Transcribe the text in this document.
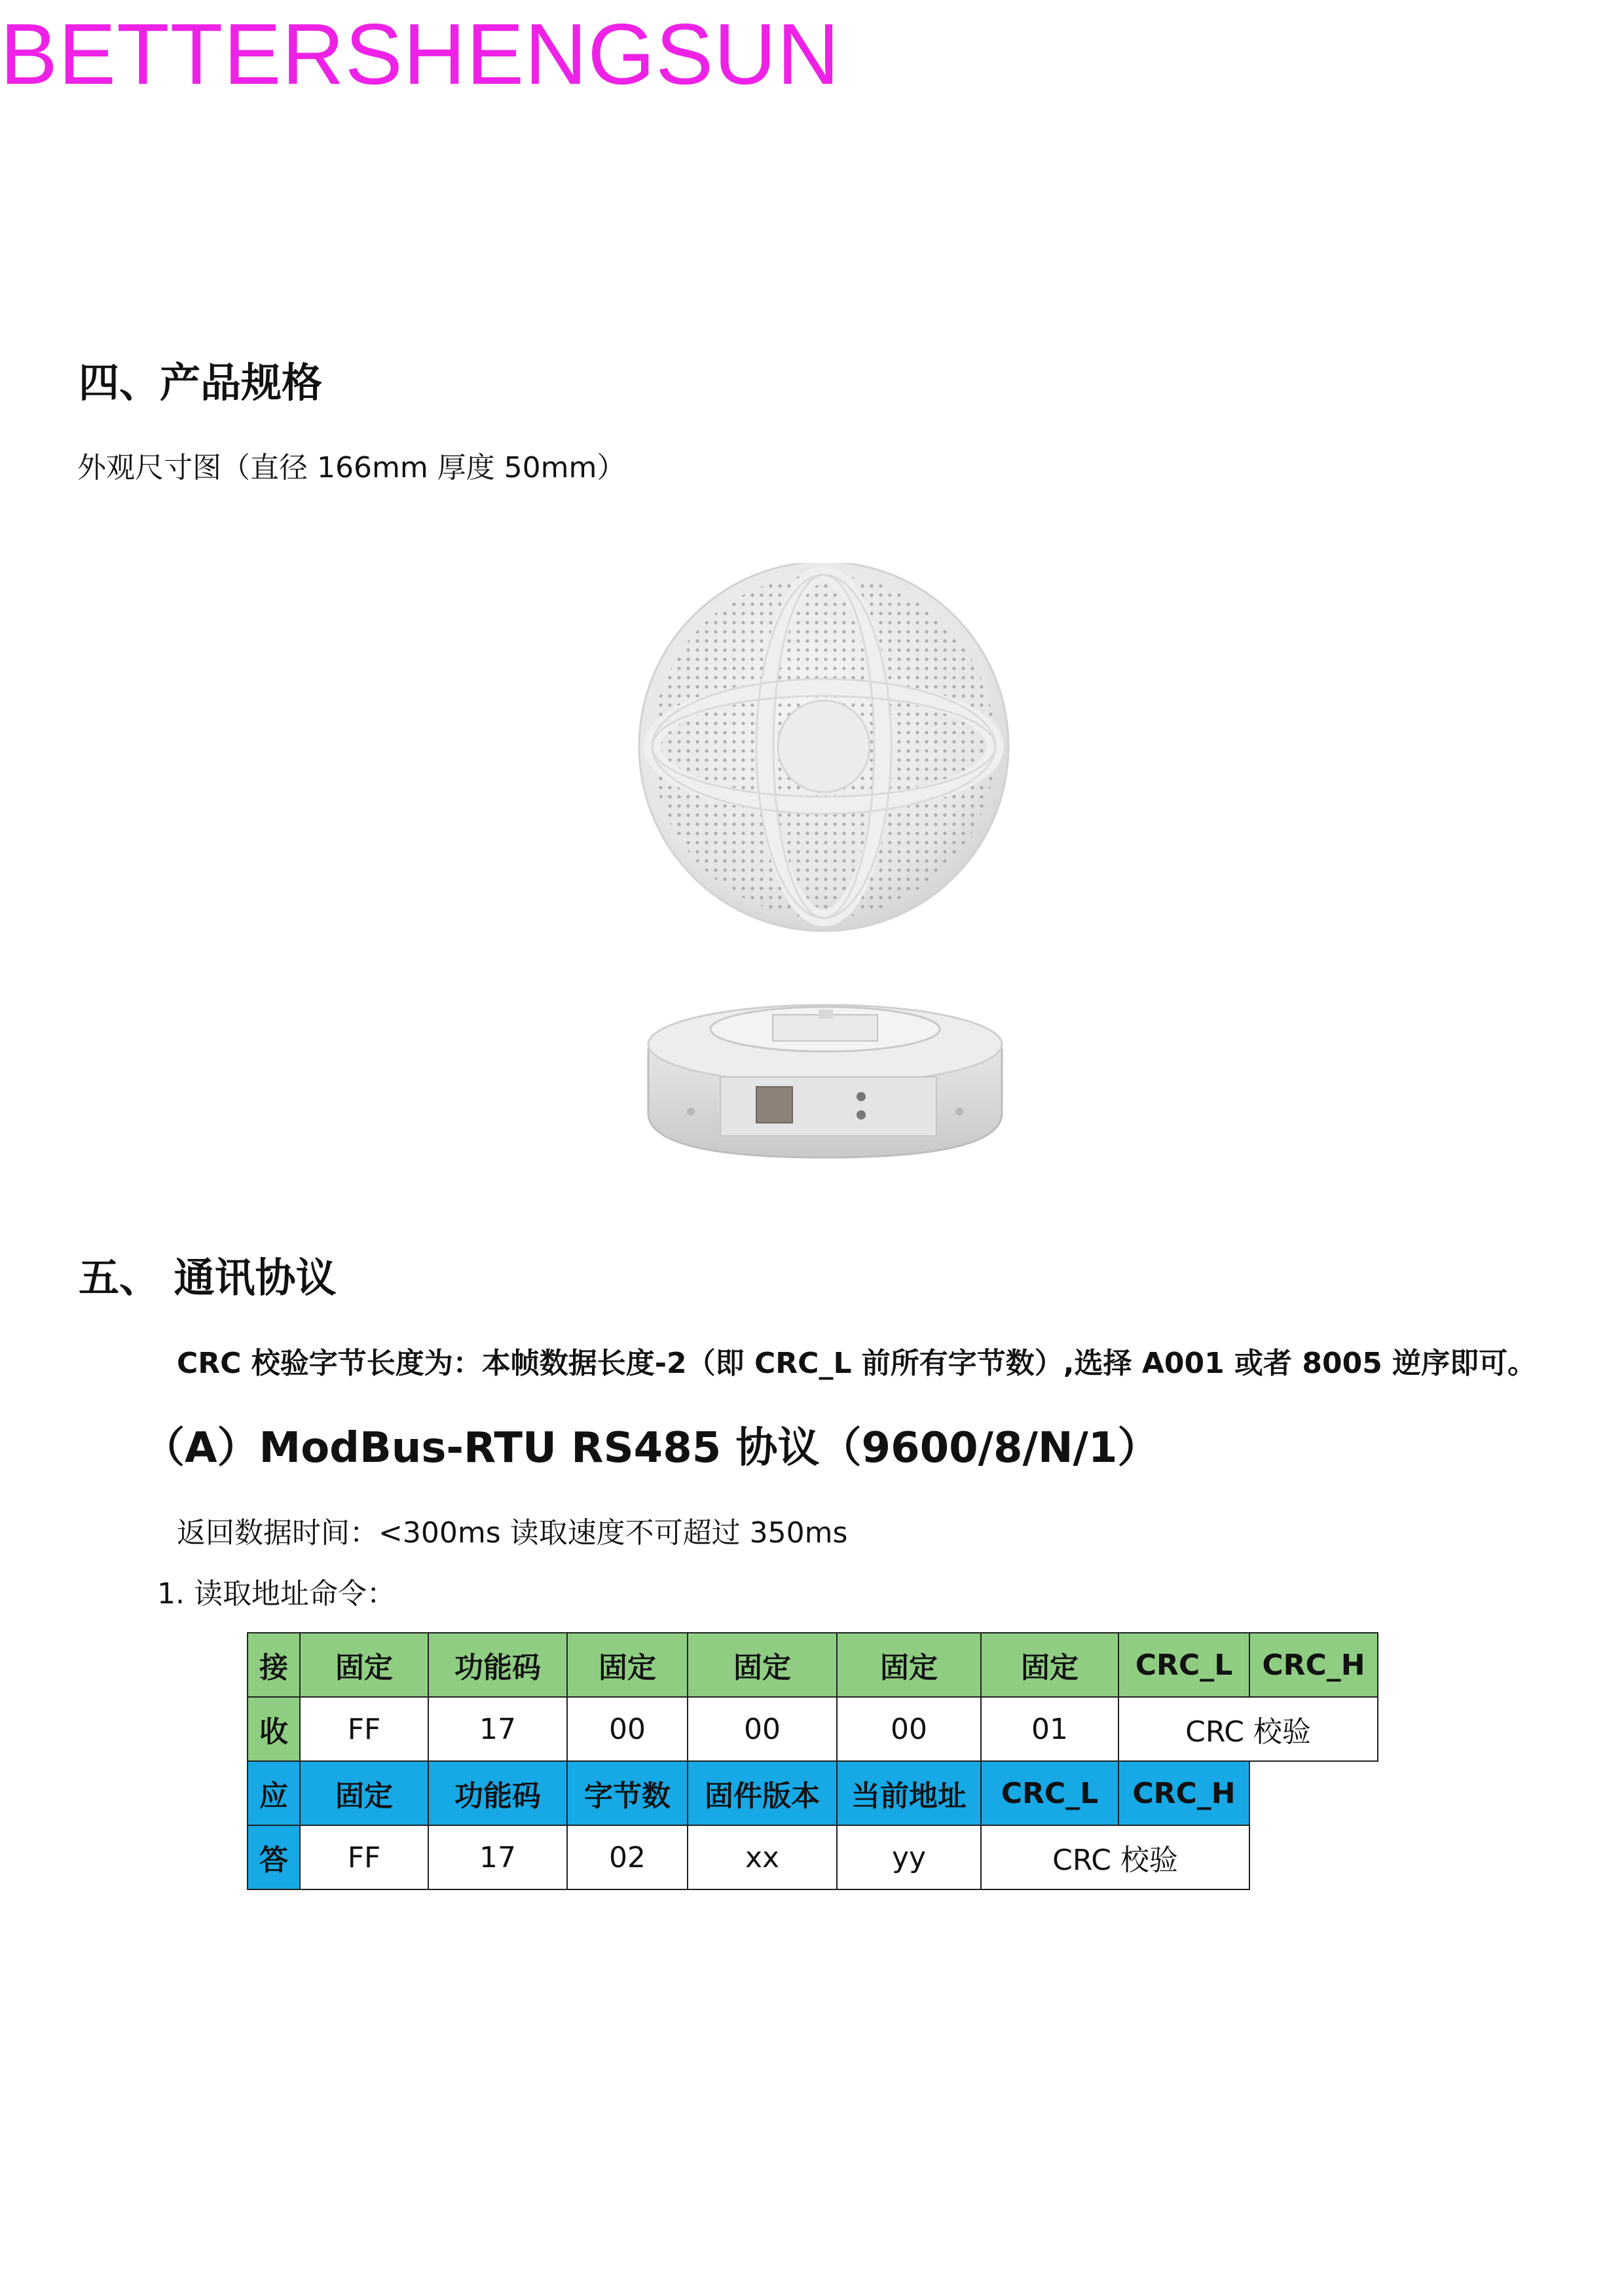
BETTERSHENGSUN
四、产品规格
外观尺寸图（直径 166mm 厚度 50mm）
五、 通讯协议
CRC 校验字节长度为：本帧数据长度-2（即 CRC_L 前所有字节数）,选择 A001 或者 8005 逆序即可。
（A）ModBus-RTU RS485 协议（9600/8/N/1）
返回数据时间：<300ms 读取速度不可超过 350ms
1. 读取地址命令：
接	固定	功能码	固定	固定	固定	固定	CRC_L	CRC_H
收	FF	17	00	00	00	01	CRC 校验	
应	固定	功能码	字节数	固件版本	当前地址	CRC_L	CRC_H	
答	FF	17	02	xx	yy	CRC 校验		
